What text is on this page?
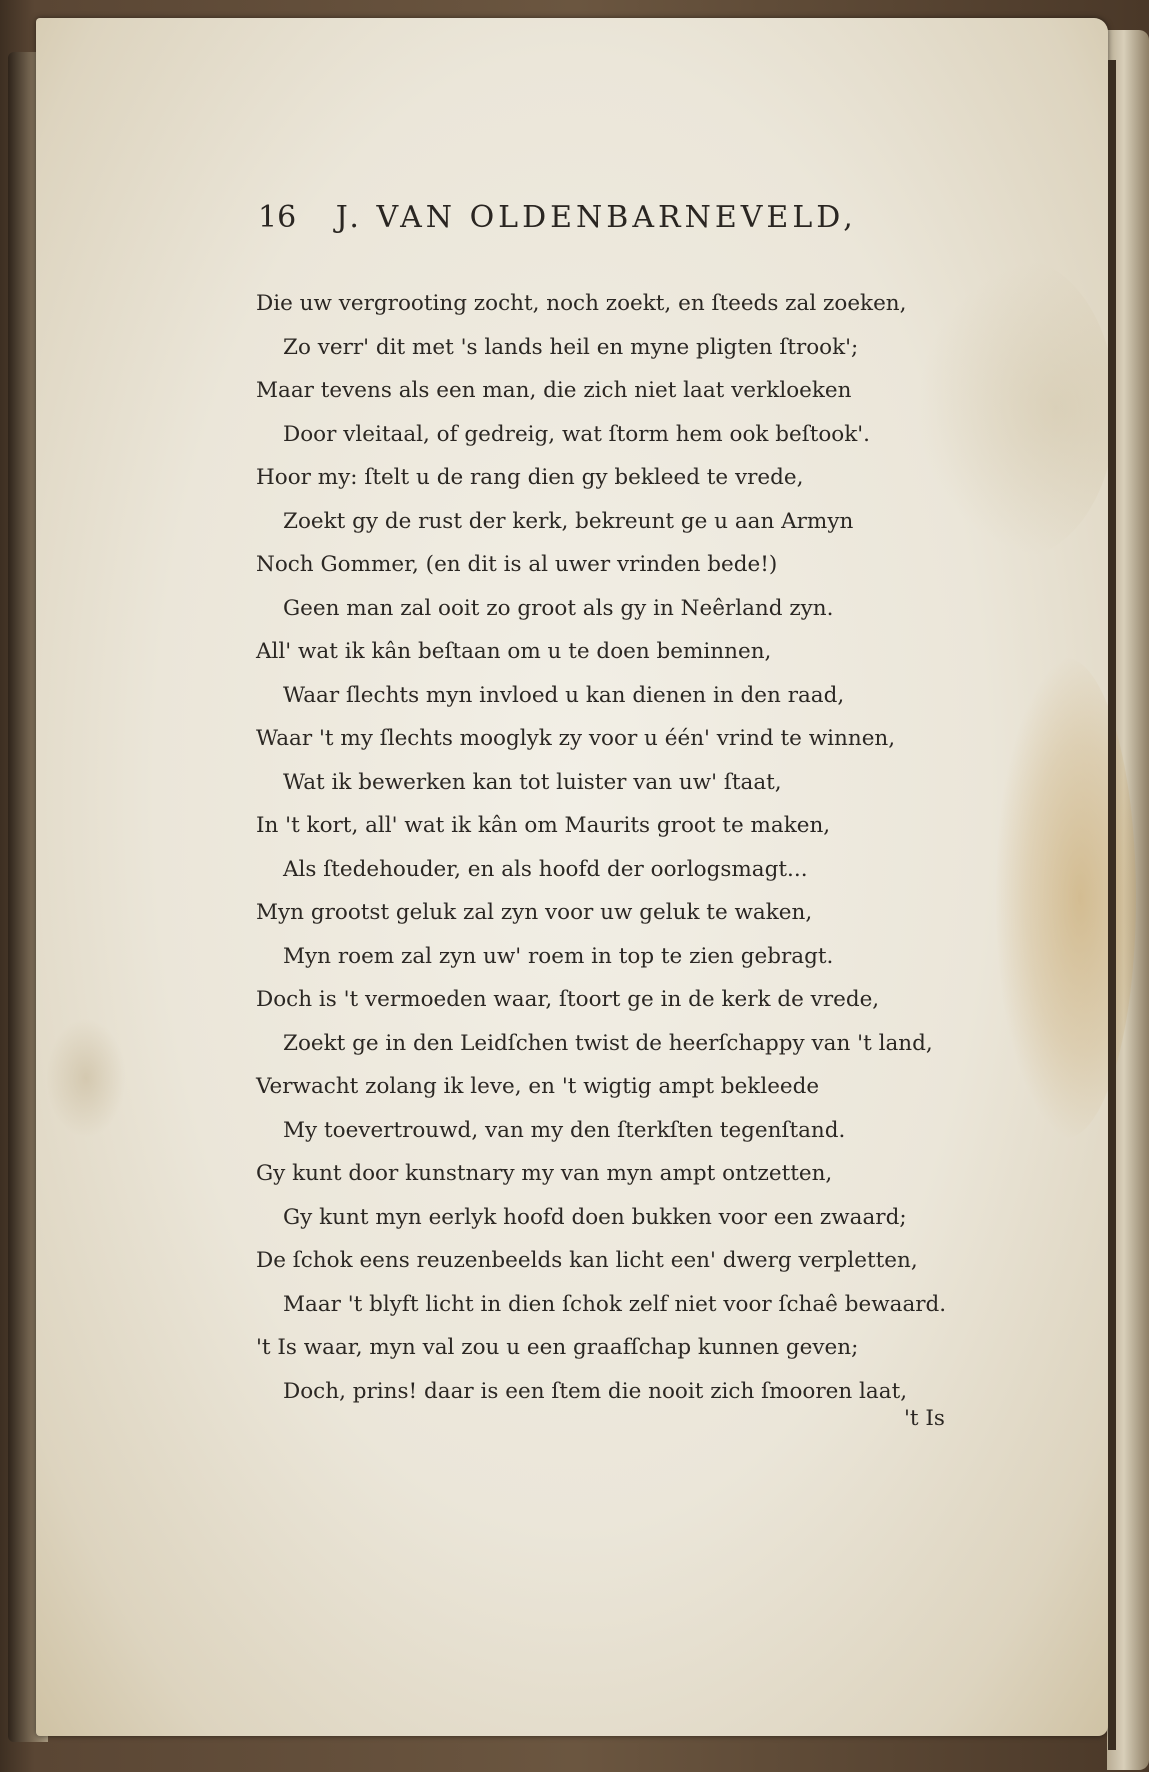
16 J. VAN OLDENBARNEVELD,
Die uw vergrooting zocht, noch zoekt, en ſteeds zal zoeken,
Zo verr' dit met 's lands heil en myne pligten ſtrook';
Maar tevens als een man, die zich niet laat verkloeken
Door vleitaal, of gedreig, wat ſtorm hem ook beſtook'.
Hoor my: ſtelt u de rang dien gy bekleed te vrede,
Zoekt gy de rust der kerk, bekreunt ge u aan Armyn
Noch Gommer, (en dit is al uwer vrinden bede!)
Geen man zal ooit zo groot als gy in Neêrland zyn.
All' wat ik kân beſtaan om u te doen beminnen,
Waar ſlechts myn invloed u kan dienen in den raad,
Waar 't my ſlechts mooglyk zy voor u één' vrind te winnen,
Wat ik bewerken kan tot luister van uw' ſtaat,
In 't kort, all' wat ik kân om Maurits groot te maken,
Als ſtedehouder, en als hoofd der oorlogsmagt...
Myn grootst geluk zal zyn voor uw geluk te waken,
Myn roem zal zyn uw' roem in top te zien gebragt.
Doch is 't vermoeden waar, ſtoort ge in de kerk de vrede,
Zoekt ge in den Leidſchen twist de heerſchappy van 't land,
Verwacht zolang ik leve, en 't wigtig ampt bekleede
My toevertrouwd, van my den ſterkſten tegenſtand.
Gy kunt door kunstnary my van myn ampt ontzetten,
Gy kunt myn eerlyk hoofd doen bukken voor een zwaard;
De ſchok eens reuzenbeelds kan licht een' dwerg verpletten,
Maar 't blyft licht in dien ſchok zelf niet voor ſchaê bewaard.
't Is waar, myn val zou u een graafſchap kunnen geven;
Doch, prins! daar is een ſtem die nooit zich ſmooren laat,
't Is
